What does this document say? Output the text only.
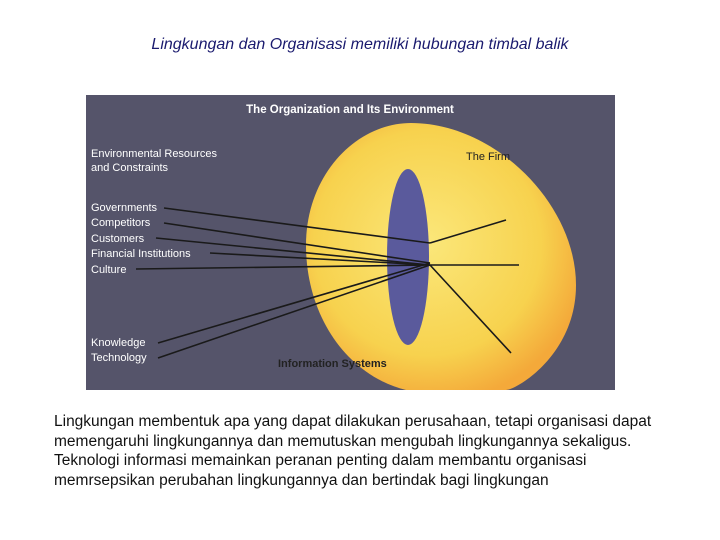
Lingkungan dan Organisasi memiliki hubungan timbal balik
The Organization and Its Environment
Environmental Resources
and Constraints
The Firm
Governments
Competitors
Customers
Financial Institutions
Culture
Knowledge
Technology	Information Systems

Lingkungan membentuk apa yang dapat dilakukan perusahaan, tetapi organisasi dapat memengaruhi lingkungannya dan memutuskan mengubah lingkungannya sekaligus. Teknologi informasi memainkan peranan penting dalam membantu organisasi memrsepsikan perubahan lingkungannya dan bertindak bagi lingkungan
